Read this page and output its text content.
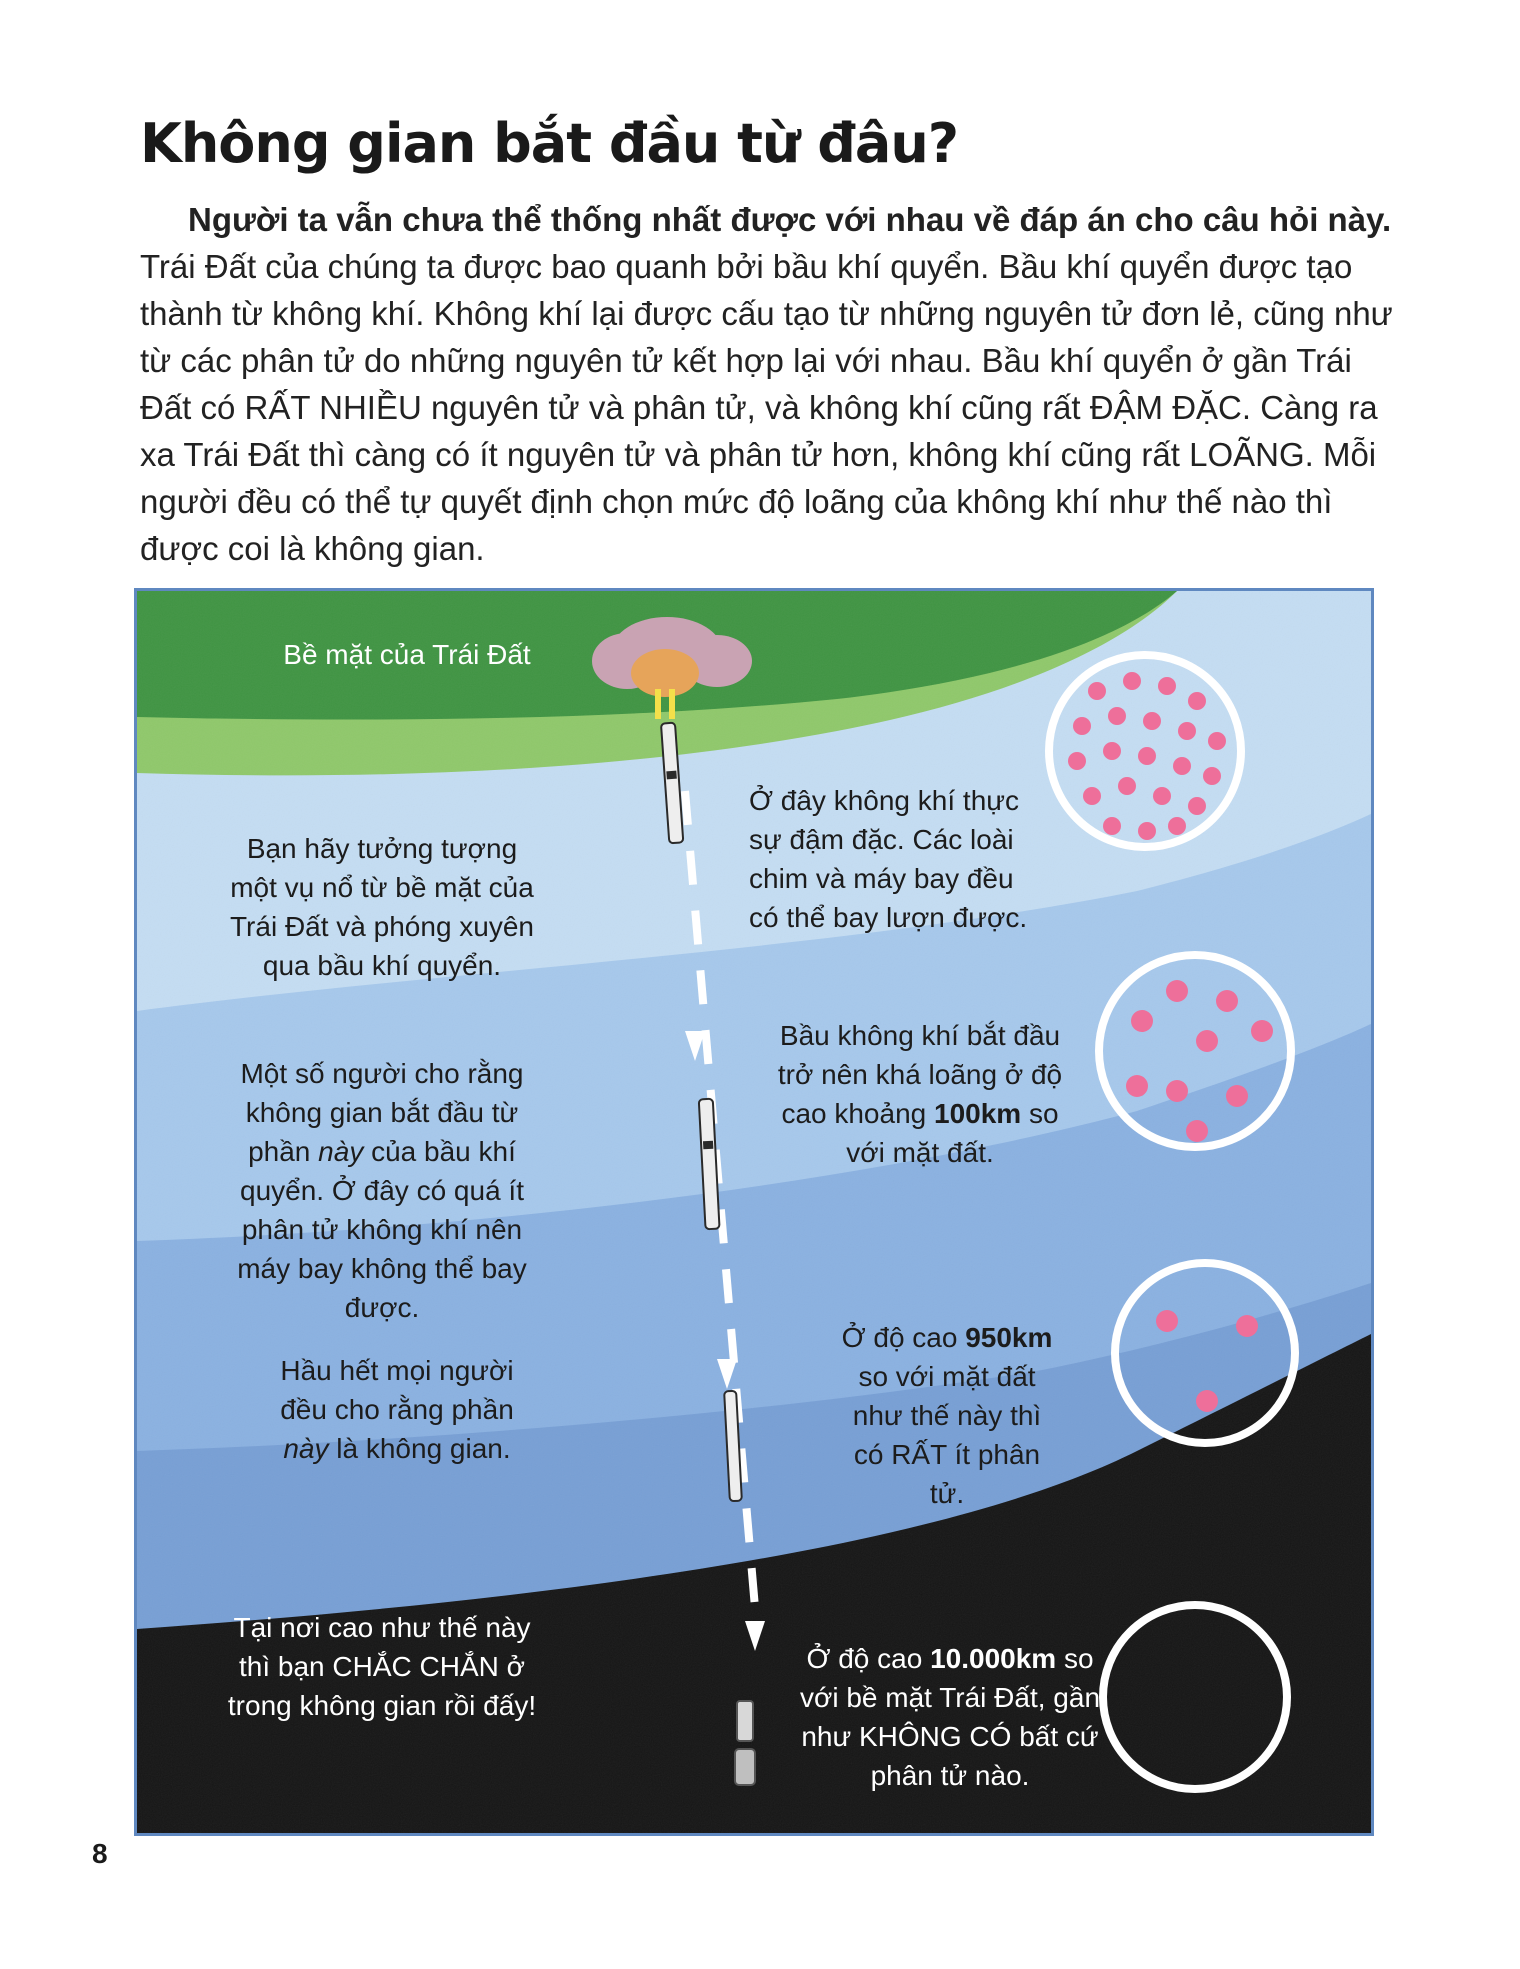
Không gian bắt đầu từ đâu?

Người ta vẫn chưa thể thống nhất được với nhau về đáp án cho câu hỏi này. Trái Đất của chúng ta được bao quanh bởi bầu khí quyển. Bầu khí quyển được tạo thành từ không khí. Không khí lại được cấu tạo từ những nguyên tử đơn lẻ, cũng như từ các phân tử do những nguyên tử kết hợp lại với nhau. Bầu khí quyển ở gần Trái Đất có RẤT NHIỀU nguyên tử và phân tử, và không khí cũng rất ĐẬM ĐẶC. Càng ra xa Trái Đất thì càng có ít nguyên tử và phân tử hơn, không khí cũng rất LOÃNG. Mỗi người đều có thể tự quyết định chọn mức độ loãng của không khí như thế nào thì được coi là không gian.

Bề mặt của Trái Đất

Bạn hãy tưởng tượng một vụ nổ từ bề mặt của Trái Đất và phóng xuyên qua bầu khí quyển.

Một số người cho rằng không gian bắt đầu từ phần này của bầu khí quyển. Ở đây có quá ít phân tử không khí nên máy bay không thể bay được.

Hầu hết mọi người đều cho rằng phần này là không gian.

Tại nơi cao như thế này thì bạn CHẮC CHẮN ở trong không gian rồi đấy!

Ở đây không khí thực sự đậm đặc. Các loài chim và máy bay đều có thể bay lượn được.

Bầu không khí bắt đầu trở nên khá loãng ở độ cao khoảng 100km so với mặt đất.

Ở độ cao 950km so với mặt đất như thế này thì có RẤT ít phân tử.

Ở độ cao 10.000km so với bề mặt Trái Đất, gần như KHÔNG CÓ bất cứ phân tử nào.

8
